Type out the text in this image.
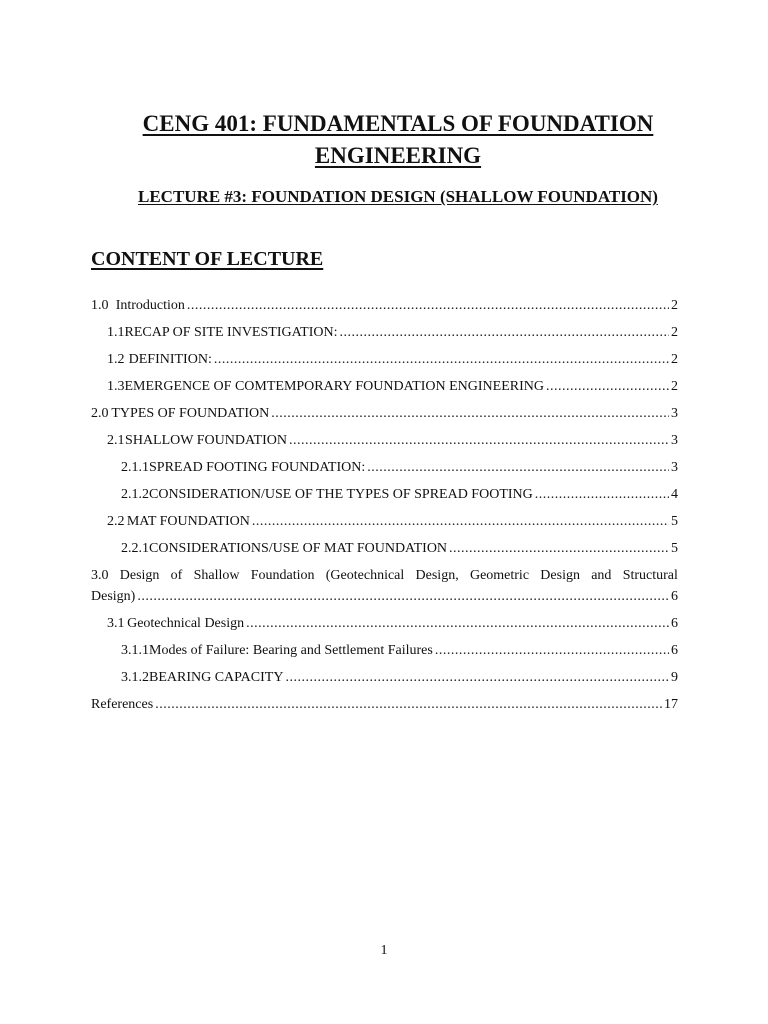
CENG 401: FUNDAMENTALS OF FOUNDATION ENGINEERING
LECTURE #3: FOUNDATION DESIGN (SHALLOW FOUNDATION)
CONTENT OF LECTURE
1.0 Introduction .....	2
1.1 RECAP OF SITE INVESTIGATION: .....	2
1.2 DEFINITION: .....	2
1.3 EMERGENCE OF COMTEMPORARY FOUNDATION ENGINEERING .....	2
2.0 TYPES OF FOUNDATION .....	3
2.1 SHALLOW FOUNDATION .....	3
2.1.1 SPREAD FOOTING FOUNDATION: .....	3
2.1.2 CONSIDERATION/USE OF THE TYPES OF SPREAD FOOTING .....	4
2.2 MAT FOUNDATION .....	5
2.2.1 CONSIDERATIONS/USE OF MAT FOUNDATION .....	5
3.0 Design of Shallow Foundation (Geotechnical Design, Geometric Design and Structural
Design) .....	6
3.1 Geotechnical Design .....	6
3.1.1 Modes of Failure: Bearing and Settlement Failures .....	6
3.1.2 BEARING CAPACITY .....	9
References .....	17
1
